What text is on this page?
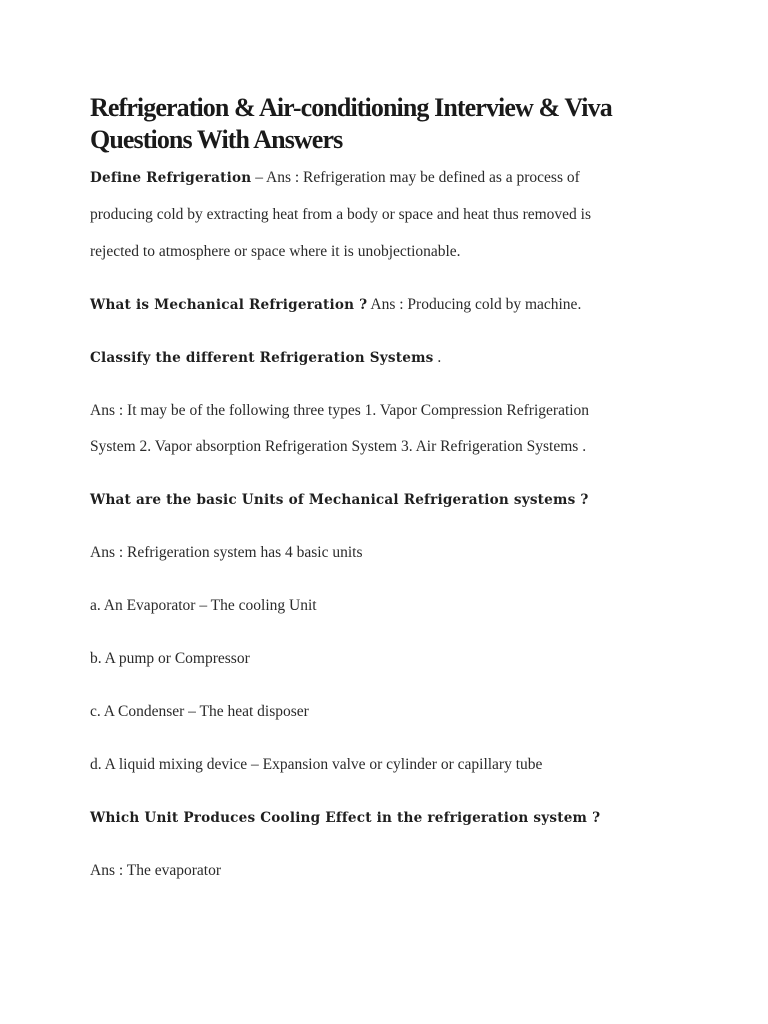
Refrigeration & Air-conditioning Interview & Viva Questions With Answers

Define Refrigeration – Ans : Refrigeration may be defined as a process of

producing cold by extracting heat from a body or space and heat thus removed is

rejected to atmosphere or space where it is unobjectionable.

What is Mechanical Refrigeration ? Ans : Producing cold by machine.

Classify the different Refrigeration Systems .

Ans : It may be of the following three types 1. Vapor Compression Refrigeration

System 2. Vapor absorption Refrigeration System 3. Air Refrigeration Systems .

What are the basic Units of Mechanical Refrigeration systems ?

Ans : Refrigeration system has 4 basic units

a. An Evaporator – The cooling Unit

b. A pump or Compressor

c. A Condenser – The heat disposer

d. A liquid mixing device – Expansion valve or cylinder or capillary tube

Which Unit Produces Cooling Effect in the refrigeration system ?

Ans : The evaporator
